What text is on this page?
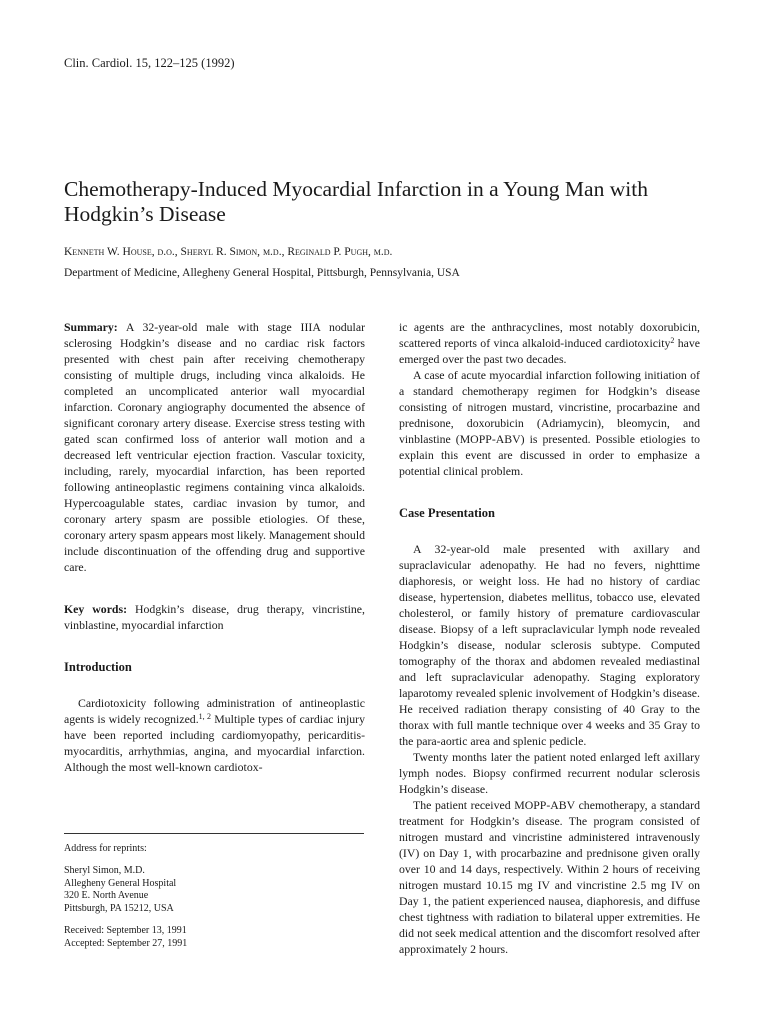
Clin. Cardiol. 15, 122–125 (1992)
Chemotherapy-Induced Myocardial Infarction in a Young Man with Hodgkin’s Disease
Kenneth W. House, d.o., Sheryl R. Simon, m.d., Reginald P. Pugh, m.d.
Department of Medicine, Allegheny General Hospital, Pittsburgh, Pennsylvania, USA

Summary: A 32-year-old male with stage IIIA nodular sclerosing Hodgkin’s disease and no cardiac risk factors presented with chest pain after receiving chemotherapy consisting of multiple drugs, including vinca alkaloids. He completed an uncomplicated anterior wall myocardial infarction. Coronary angiography documented the absence of significant coronary artery disease. Exercise stress testing with gated scan confirmed loss of anterior wall motion and a decreased left ventricular ejection fraction. Vascular toxicity, including, rarely, myocardial infarction, has been reported following antineoplastic regimens containing vinca alkaloids. Hypercoagulable states, cardiac invasion by tumor, and coronary artery spasm are possible etiologies. Of these, coronary artery spasm appears most likely. Management should include discontinuation of the offending drug and supportive care.

Key words: Hodgkin’s disease, drug therapy, vincristine, vinblastine, myocardial infarction

Introduction

Cardiotoxicity following administration of antineoplastic agents is widely recognized.$^{1, 2}$ Multiple types of cardiac injury have been reported including cardiomyopathy, pericarditis-myocarditis, arrhythmias, angina, and myocardial infarction. Although the most well-known cardiotox-

ic agents are the anthracyclines, most notably doxorubicin, scattered reports of vinca alkaloid-induced cardiotoxicity$^2$ have emerged over the past two decades.

A case of acute myocardial infarction following initiation of a standard chemotherapy regimen for Hodgkin’s disease consisting of nitrogen mustard, vincristine, procarbazine and prednisone, doxorubicin (Adriamycin), bleomycin, and vinblastine (MOPP-ABV) is presented. Possible etiologies to explain this event are discussed in order to emphasize a potential clinical problem.

Case Presentation

A 32-year-old male presented with axillary and supraclavicular adenopathy. He had no fevers, nighttime diaphoresis, or weight loss. He had no history of cardiac disease, hypertension, diabetes mellitus, tobacco use, elevated cholesterol, or family history of premature cardiovascular disease. Biopsy of a left supraclavicular lymph node revealed Hodgkin’s disease, nodular sclerosis subtype. Computed tomography of the thorax and abdomen revealed mediastinal and left supraclavicular adenopathy. Staging exploratory laparotomy revealed splenic involvement of Hodgkin’s disease. He received radiation therapy consisting of 40 Gray to the thorax with full mantle technique over 4 weeks and 35 Gray to the para-aortic area and splenic pedicle.

Twenty months later the patient noted enlarged left axillary lymph nodes. Biopsy confirmed recurrent nodular sclerosis Hodgkin’s disease.

The patient received MOPP-ABV chemotherapy, a standard treatment for Hodgkin’s disease. The program consisted of nitrogen mustard and vincristine administered intravenously (IV) on Day 1, with procarbazine and prednisone given orally over 10 and 14 days, respectively. Within 2 hours of receiving nitrogen mustard 10.15 mg IV and vincristine 2.5 mg IV on Day 1, the patient experienced nausea, diaphoresis, and diffuse chest tightness with radiation to bilateral upper extremities. He did not seek medical attention and the discomfort resolved after approximately 2 hours.

Address for reprints:
Sheryl Simon, M.D.
Allegheny General Hospital
320 E. North Avenue
Pittsburgh, PA 15212, USA
Received: September 13, 1991
Accepted: September 27, 1991
